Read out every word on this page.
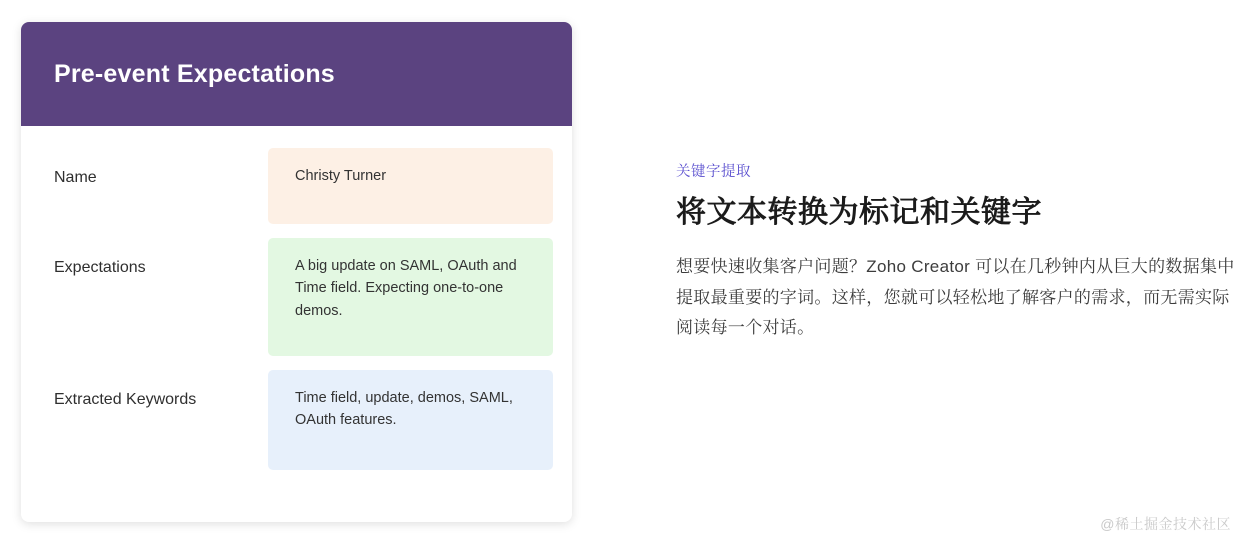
Pre-event Expectations
Name	Christy Turner
Expectations	A big update on SAML, OAuth and Time field. Expecting one-to-one demos.
Extracted Keywords	Time field, update, demos, SAML, OAuth features.
关键字提取
将文本转换为标记和关键字
想要快速收集客户问题？Zoho Creator 可以在几秒钟内从巨大的数据集中提取最重要的字词。这样，您就可以轻松地了解客户的需求，而无需实际阅读每一个对话。
@稀土掘金技术社区
